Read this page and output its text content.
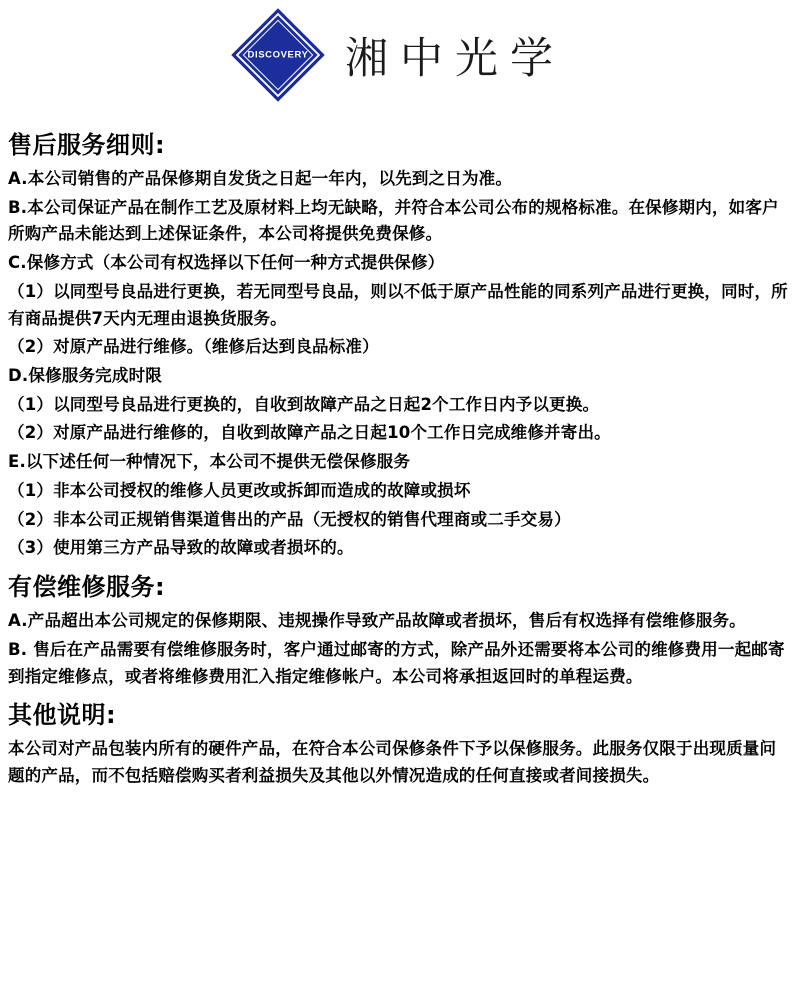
DISCOVERY 湘中光学
售后服务细则:

A.本公司销售的产品保修期自发货之日起一年内，以先到之日为准。

B.本公司保证产品在制作工艺及原材料上均无缺略，并符合本公司公布的规格标准。在保修期内，如客户所购产品未能达到上述保证条件，本公司将提供免费保修。

C.保修方式（本公司有权选择以下任何一种方式提供保修）

（1）以同型号良品进行更换，若无同型号良品，则以不低于原产品性能的同系列产品进行更换，同时，所有商品提供7天内无理由退换货服务。

（2）对原产品进行维修。（维修后达到良品标准）

D.保修服务完成时限

（1）以同型号良品进行更换的，自收到故障产品之日起2个工作日内予以更换。

（2）对原产品进行维修的，自收到故障产品之日起10个工作日完成维修并寄出。

E.以下述任何一种情况下，本公司不提供无偿保修服务

（1）非本公司授权的维修人员更改或拆卸而造成的故障或损坏

（2）非本公司正规销售渠道售出的产品（无授权的销售代理商或二手交易）

（3）使用第三方产品导致的故障或者损坏的。

有偿维修服务:

A.产品超出本公司规定的保修期限、违规操作导致产品故障或者损坏，售后有权选择有偿维修服务。

B. 售后在产品需要有偿维修服务时，客户通过邮寄的方式，除产品外还需要将本公司的维修费用一起邮寄到指定维修点，或者将维修费用汇入指定维修帐户。本公司将承担返回时的单程运费。

其他说明:

本公司对产品包装内所有的硬件产品，在符合本公司保修条件下予以保修服务。此服务仅限于出现质量问题的产品，而不包括赔偿购买者利益损失及其他以外情况造成的任何直接或者间接损失。
